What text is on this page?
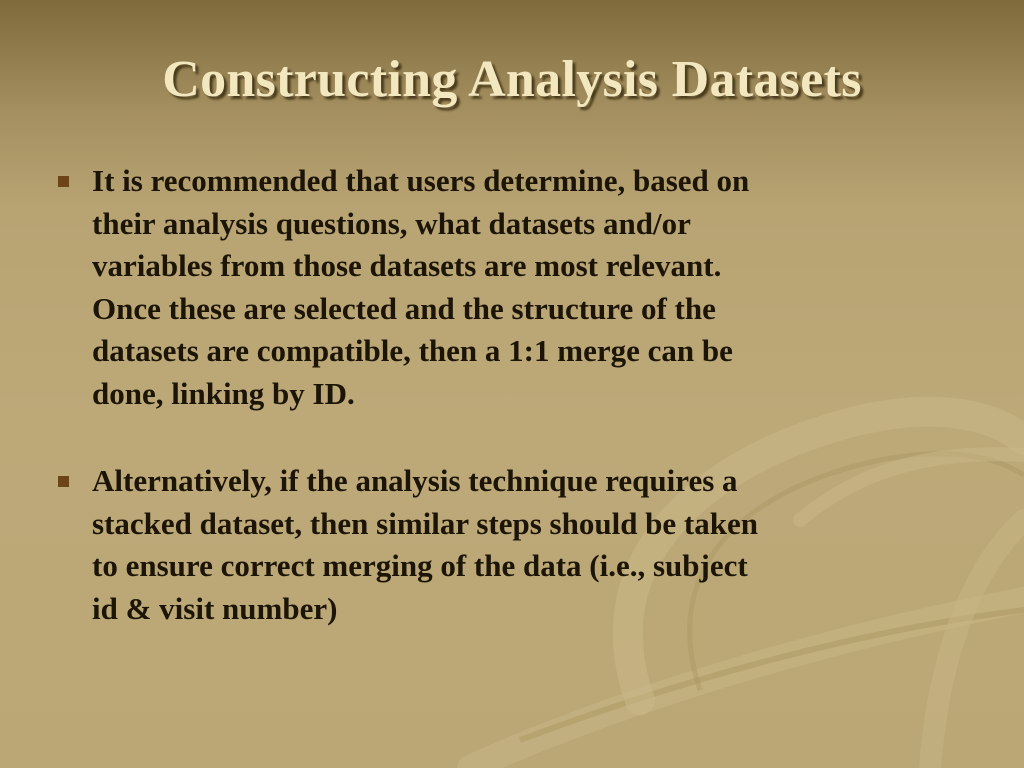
Constructing Analysis Datasets
It is recommended that users determine, based on
their analysis questions, what datasets and/or
variables from those datasets are most relevant.
Once these are selected and the structure of the
datasets are compatible, then a 1:1 merge can be
done, linking by ID.
Alternatively, if the analysis technique requires a
stacked dataset, then similar steps should be taken
to ensure correct merging of the data (i.e., subject
id & visit number)
